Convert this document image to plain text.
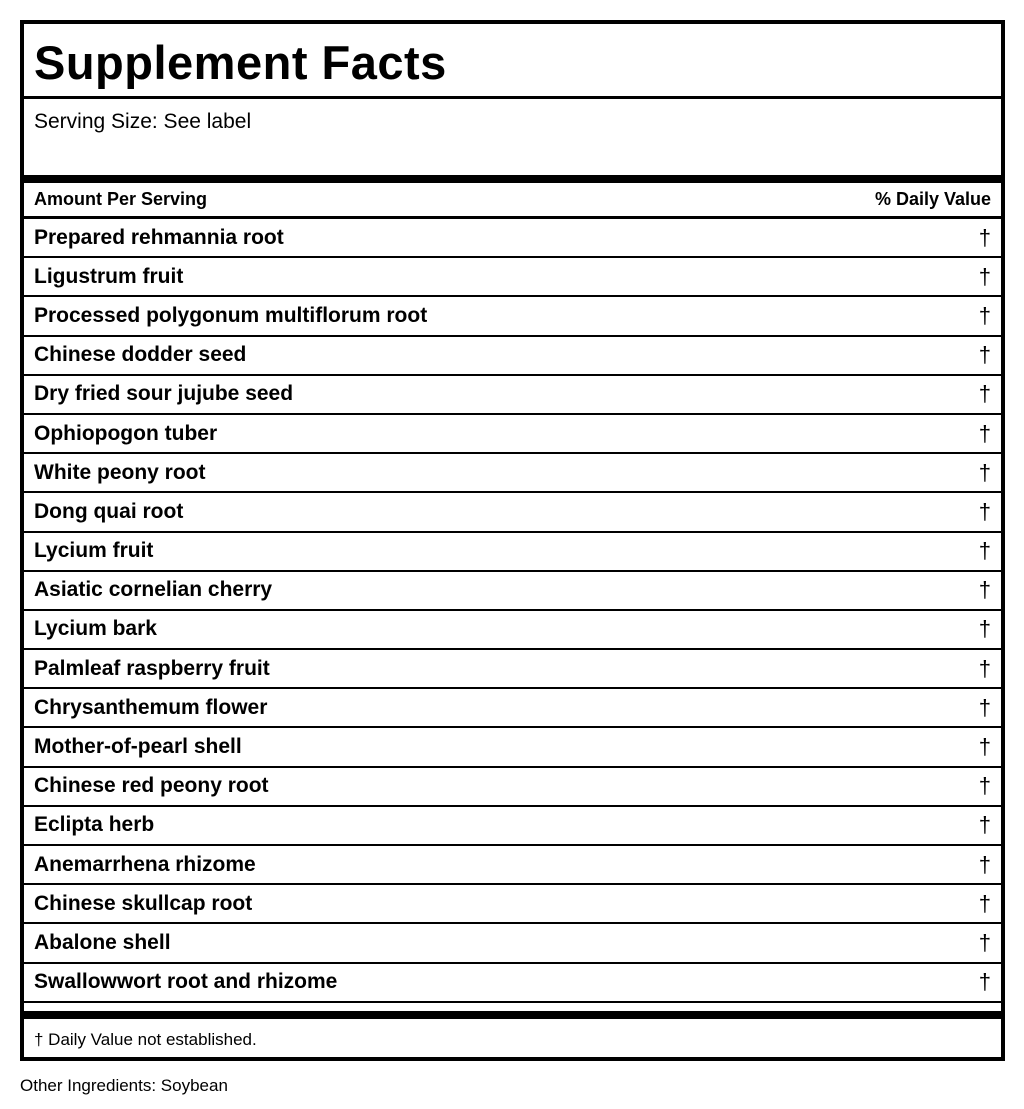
Supplement Facts
Serving Size: See label
Amount Per Serving	% Daily Value
Prepared rehmannia root	†
Ligustrum fruit	†
Processed polygonum multiflorum root	†
Chinese dodder seed	†
Dry fried sour jujube seed	†
Ophiopogon tuber	†
White peony root	†
Dong quai root	†
Lycium fruit	†
Asiatic cornelian cherry	†
Lycium bark	†
Palmleaf raspberry fruit	†
Chrysanthemum flower	†
Mother-of-pearl shell	†
Chinese red peony root	†
Eclipta herb	†
Anemarrhena rhizome	†
Chinese skullcap root	†
Abalone shell	†
Swallowwort root and rhizome	†
† Daily Value not established.
Other Ingredients: Soybean
